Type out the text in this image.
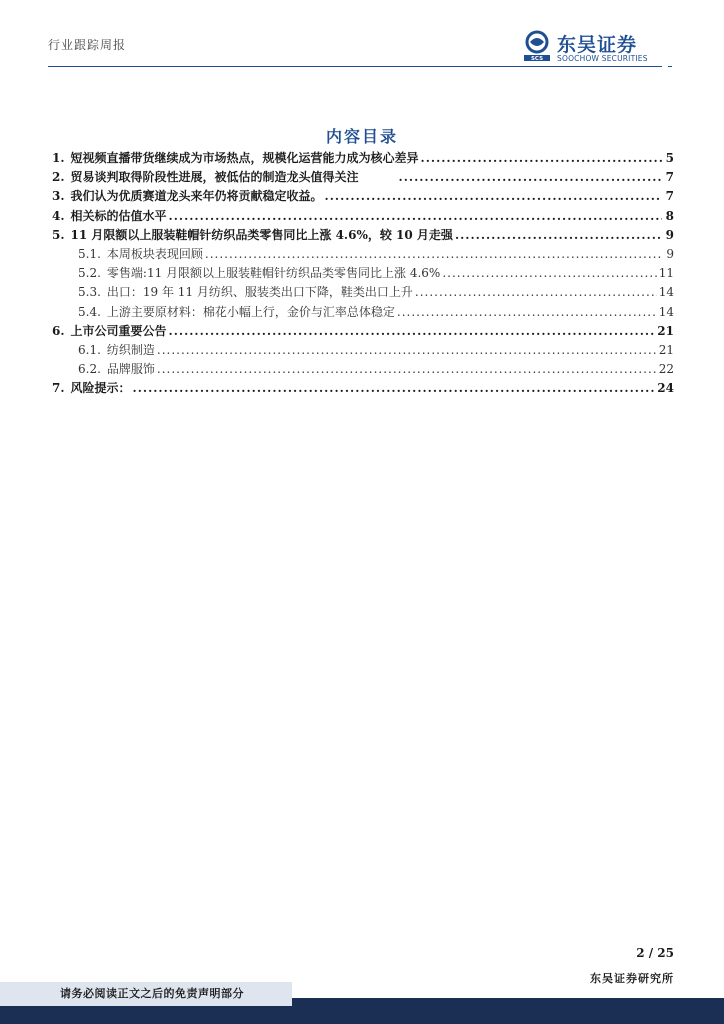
行业跟踪周报
SCS
东吴证券
SOOCHOW SECURITIES
内容目录
1. 短视频直播带货继续成为市场热点，规模化运营能力成为核心差异 .....	5
2. 贸易谈判取得阶段性进展，被低估的制造龙头值得关注 .....	7
3. 我们认为优质赛道龙头来年仍将贡献稳定收益。 .....	7
4. 相关标的估值水平 .....	8
5. 11 月限额以上服装鞋帽针纺织品类零售同比上涨 4.6%，较 10 月走强 .....	9
5.1. 本周板块表现回顾 .....	9
5.2. 零售端:11 月限额以上服装鞋帽针纺织品类零售同比上涨 4.6% .....	11
5.3. 出口：19 年 11 月纺织、服装类出口下降，鞋类出口上升 .....	14
5.4. 上游主要原材料：棉花小幅上行，金价与汇率总体稳定 .....	14
6. 上市公司重要公告 .....	21
6.1. 纺织制造 .....	21
6.2. 品牌服饰 .....	22
7. 风险提示： .....	24
2 / 25
东吴证券研究所
请务必阅读正文之后的免责声明部分
